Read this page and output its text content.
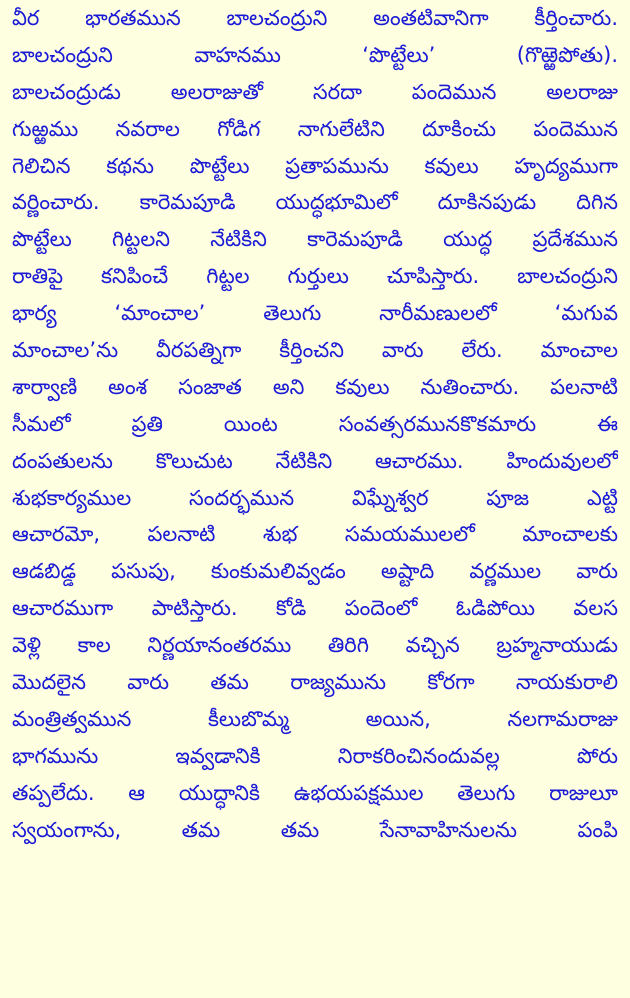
వీర భారతమున బాలచంద్రుని అంతటివానిగా కీర్తించారు.
బాలచంద్రుని వాహనము ‘పొట్టేలు’ (గొఱ్ఱెపోతు).
బాలచంద్రుడు అలరాజుతో సరదా పందెమున అలరాజు
గుఱ్ఱము నవరాల గోడిగ నాగులేటిని దూకించు పందెమున
గెలిచిన కథను పొట్టేలు ప్రతాపమును కవులు హృద్యముగా
వర్ణించారు. కారెమపూడి యుద్ధభూమిలో దూకినపుడు దిగిన
పొట్టేలు గిట్టలని నేటికిని కారెమపూడి యుద్ధ ప్రదేశమున
రాతిపై కనిపించే గిట్టల గుర్తులు చూపిస్తారు. బాలచంద్రుని
భార్య ‘మాంచాల’ తెలుగు నారీమణులలో ‘మగువ
మాంచాల’ను వీరపత్నిగా కీర్తించని వారు లేరు. మాంచాల
శార్వాణి అంశ సంజాత అని కవులు నుతించారు. పలనాటి
సీమలో ప్రతి యింట సంవత్సరమునకొకమారు ఈ
దంపతులను కొలుచుట నేటికిని ఆచారము. హిందువులలో
శుభకార్యముల సందర్భమున విఘ్నేశ్వర పూజ ఎట్టి
ఆచారమో, పలనాటి శుభ సమయములలో మాంచాలకు
ఆడబిడ్డ పసుపు, కుంకుమలివ్వడం అష్టాది వర్ణముల వారు
ఆచారముగా పాటిస్తారు. కోడి పందెంలో ఓడిపోయి వలస
వెళ్లి కాల నిర్ణయానంతరము తిరిగి వచ్చిన బ్రహ్మనాయుడు
మొదలైన వారు తమ రాజ్యమును కోరగా నాయకురాలి
మంత్రిత్వమున కీలుబొమ్మ అయిన, నలగామరాజు
భాగమును ఇవ్వడానికి నిరాకరించినందువల్ల పోరు
తప్పలేదు. ఆ యుద్ధానికి ఉభయపక్షముల తెలుగు రాజులూ
స్వయంగాను, తమ తమ సేనావాహినులను పంపి
